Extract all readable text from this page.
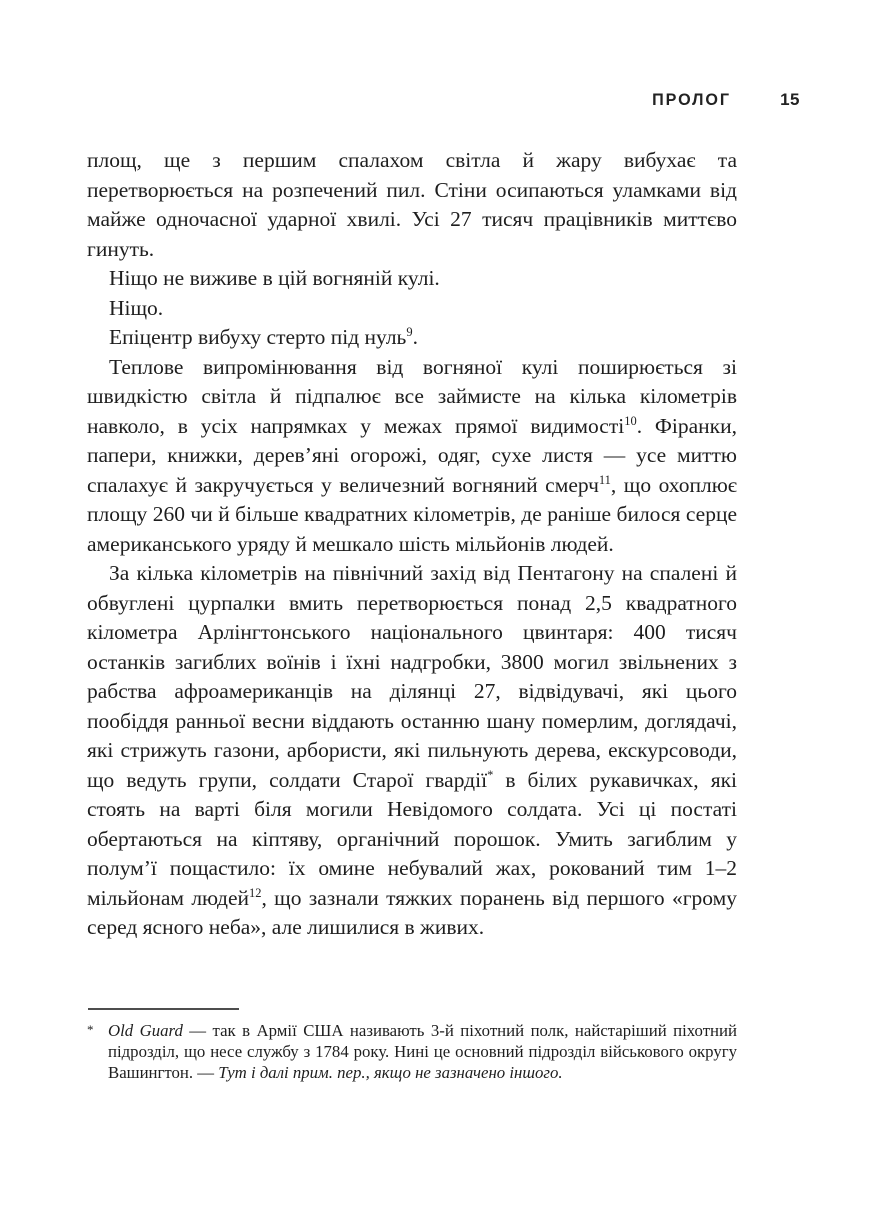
ПРОЛОГ	15

площ, ще з першим спалахом світла й жару вибухає та перетворюється на розпечений пил. Стіни осипаються уламками від майже одночасної ударної хвилі. Усі 27 тисяч працівників миттєво гинуть.

Ніщо не виживе в цій вогняній кулі.

Ніщо.

Епіцентр вибуху стерто під нуль$^9$.

Теплове випромінювання від вогняної кулі поширюється зі швидкістю світла й підпалює все займисте на кілька кілометрів навколо, в усіх напрямках у межах прямої видимості$^{10}$. Фіранки, папери, книжки, дерев’яні огорожі, одяг, сухе листя — усе миттю спалахує й закручується у величезний вогняний смерч$^{11}$, що охоплює площу 260 чи й більше квадратних кілометрів, де раніше билося серце американського уряду й мешкало шість мільйонів людей.

За кілька кілометрів на північний захід від Пентагону на спалені й обвуглені цурпалки вмить перетворюється понад 2,5 квадратного кілометра Арлінгтонського національного цвинтаря: 400 тисяч останків загиблих воїнів і їхні надгробки, 3800 могил звільнених з рабства афроамериканців на ділянці 27, відвідувачі, які цього пообіддя ранньої весни віддають останню шану померлим, доглядачі, які стрижуть газони, арбористи, які пильнують дерева, екскурсоводи, що ведуть групи, солдати Старої гвардії* в білих рукавичках, які стоять на варті біля могили Невідомого солдата. Усі ці постаті обертаються на кіптяву, органічний порошок. Умить загиблим у полум’ї пощастило: їх омине небувалий жах, рокований тим 1–2 мільйонам людей$^{12}$, що зазнали тяжких поранень від першого «грому серед ясного неба», але лишилися в живих.

* Old Guard — так в Армії США називають 3-й піхотний полк, найстаріший піхотний підрозділ, що несе службу з 1784 року. Нині це основний підрозділ військового округу Вашингтон. — Тут і далі прим. пер., якщо не зазначено іншого.
